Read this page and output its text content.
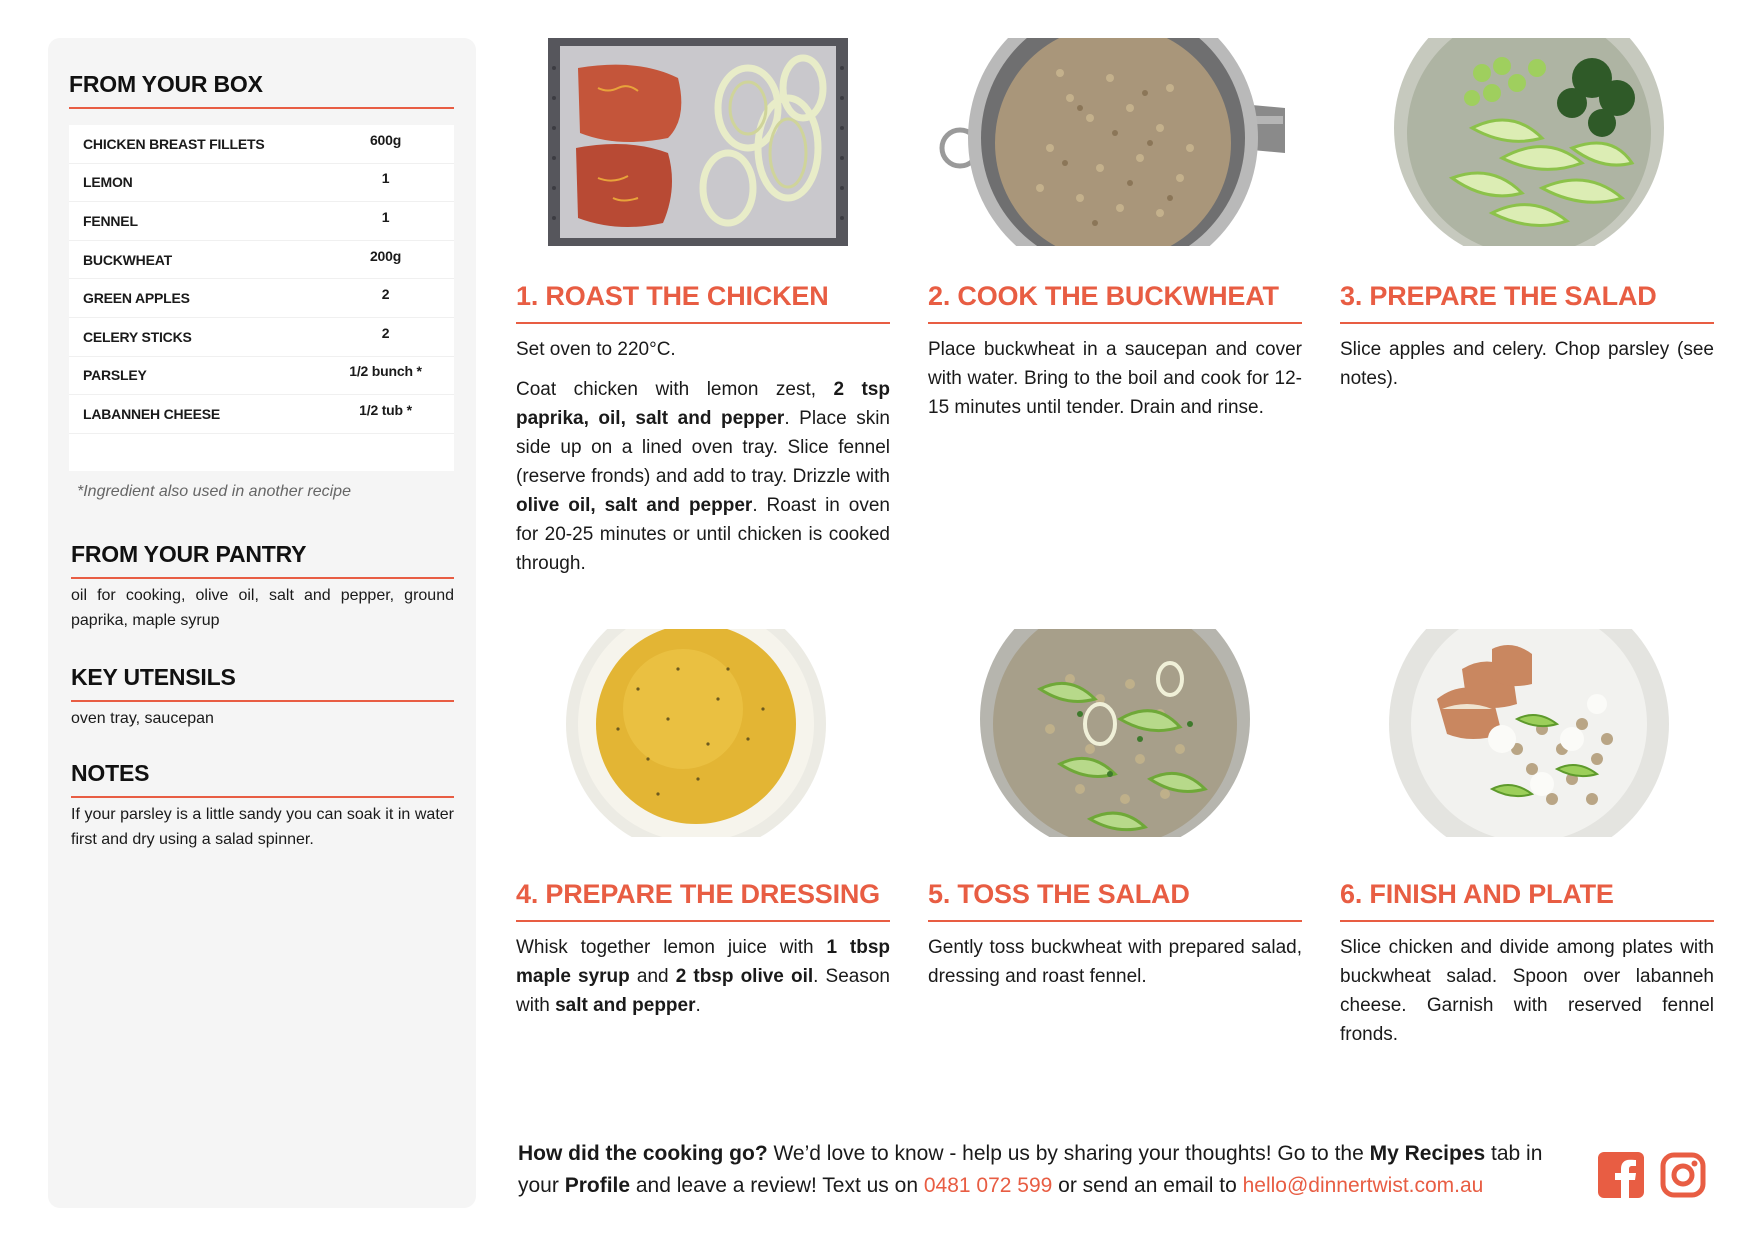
FROM YOUR BOX
CHICKEN BREAST FILLETS	600g
LEMON	1
FENNEL	1
BUCKWHEAT	200g
GREEN APPLES	2
CELERY STICKS	2
PARSLEY	1/2 bunch *
LABANNEH CHEESE	1/2 tub *
*Ingredient also used in another recipe
FROM YOUR PANTRY
oil for cooking, olive oil, salt and pepper, ground paprika, maple syrup
KEY UTENSILS
oven tray, saucepan
NOTES
If your parsley is a little sandy you can soak it in water first and dry using a salad spinner.
1. ROAST THE CHICKEN

Set oven to 220°C.

Coat chicken with lemon zest, 2 tsp paprika, oil, salt and pepper. Place skin side up on a lined oven tray. Slice fennel (reserve fronds) and add to tray. Drizzle with olive oil, salt and pepper. Roast in oven for 20-25 minutes or until chicken is cooked through.

2. COOK THE BUCKWHEAT

Place buckwheat in a saucepan and cover with water. Bring to the boil and cook for 12-15 minutes until tender. Drain and rinse.

3. PREPARE THE SALAD

Slice apples and celery. Chop parsley (see notes).

4. PREPARE THE DRESSING

Whisk together lemon juice with 1 tbsp maple syrup and 2 tbsp olive oil. Season with salt and pepper.

5. TOSS THE SALAD

Gently toss buckwheat with prepared salad, dressing and roast fennel.

6. FINISH AND PLATE

Slice chicken and divide among plates with buckwheat salad. Spoon over labanneh cheese. Garnish with reserved fennel fronds.

How did the cooking go? We’d love to know - help us by sharing your thoughts! Go to the My Recipes tab in your Profile and leave a review! Text us on 0481 072 599 or send an email to hello@dinnertwist.com.au
